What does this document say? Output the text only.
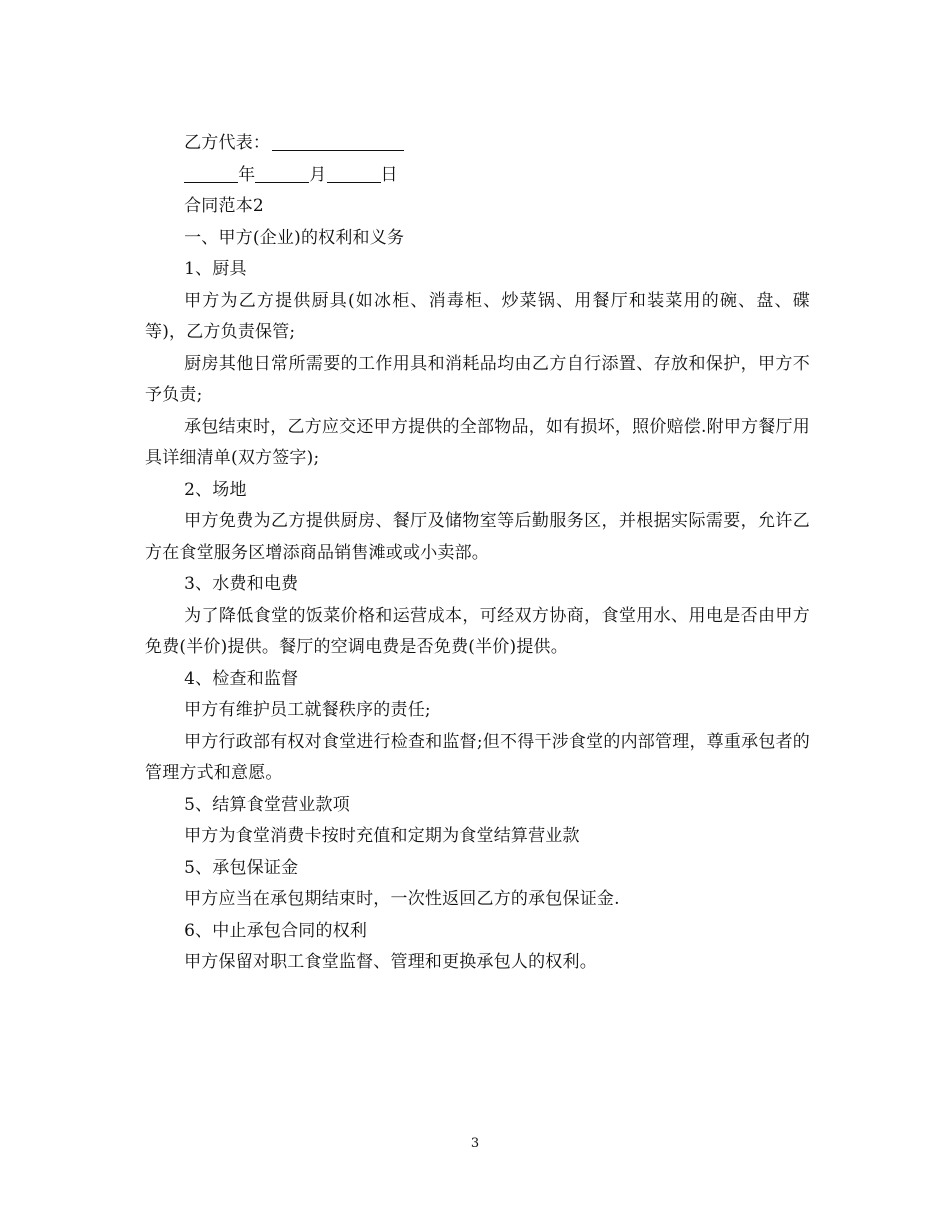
乙方代表：

年	月	日

合同范本2

一、甲方(企业)的权利和义务

1、厨具

甲方为乙方提供厨具(如冰柜、消毒柜、炒菜锅、用餐厅和装菜用的碗、盘、碟等)，乙方负责保管;

厨房其他日常所需要的工作用具和消耗品均由乙方自行添置、存放和保护，甲方不予负责;

承包结束时，乙方应交还甲方提供的全部物品，如有损坏，照价赔偿.附甲方餐厅用具详细清单(双方签字);

2、场地

甲方免费为乙方提供厨房、餐厅及储物室等后勤服务区，并根据实际需要，允许乙方在食堂服务区增添商品销售滩或或小卖部。

3、水费和电费

为了降低食堂的饭菜价格和运营成本，可经双方协商，食堂用水、用电是否由甲方免费(半价)提供。餐厅的空调电费是否免费(半价)提供。

4、检查和监督

甲方有维护员工就餐秩序的责任;

甲方行政部有权对食堂进行检查和监督;但不得干涉食堂的内部管理，尊重承包者的管理方式和意愿。

5、结算食堂营业款项

甲方为食堂消费卡按时充值和定期为食堂结算营业款

5、承包保证金

甲方应当在承包期结束时，一次性返回乙方的承包保证金.

6、中止承包合同的权利

甲方保留对职工食堂监督、管理和更换承包人的权利。

3
